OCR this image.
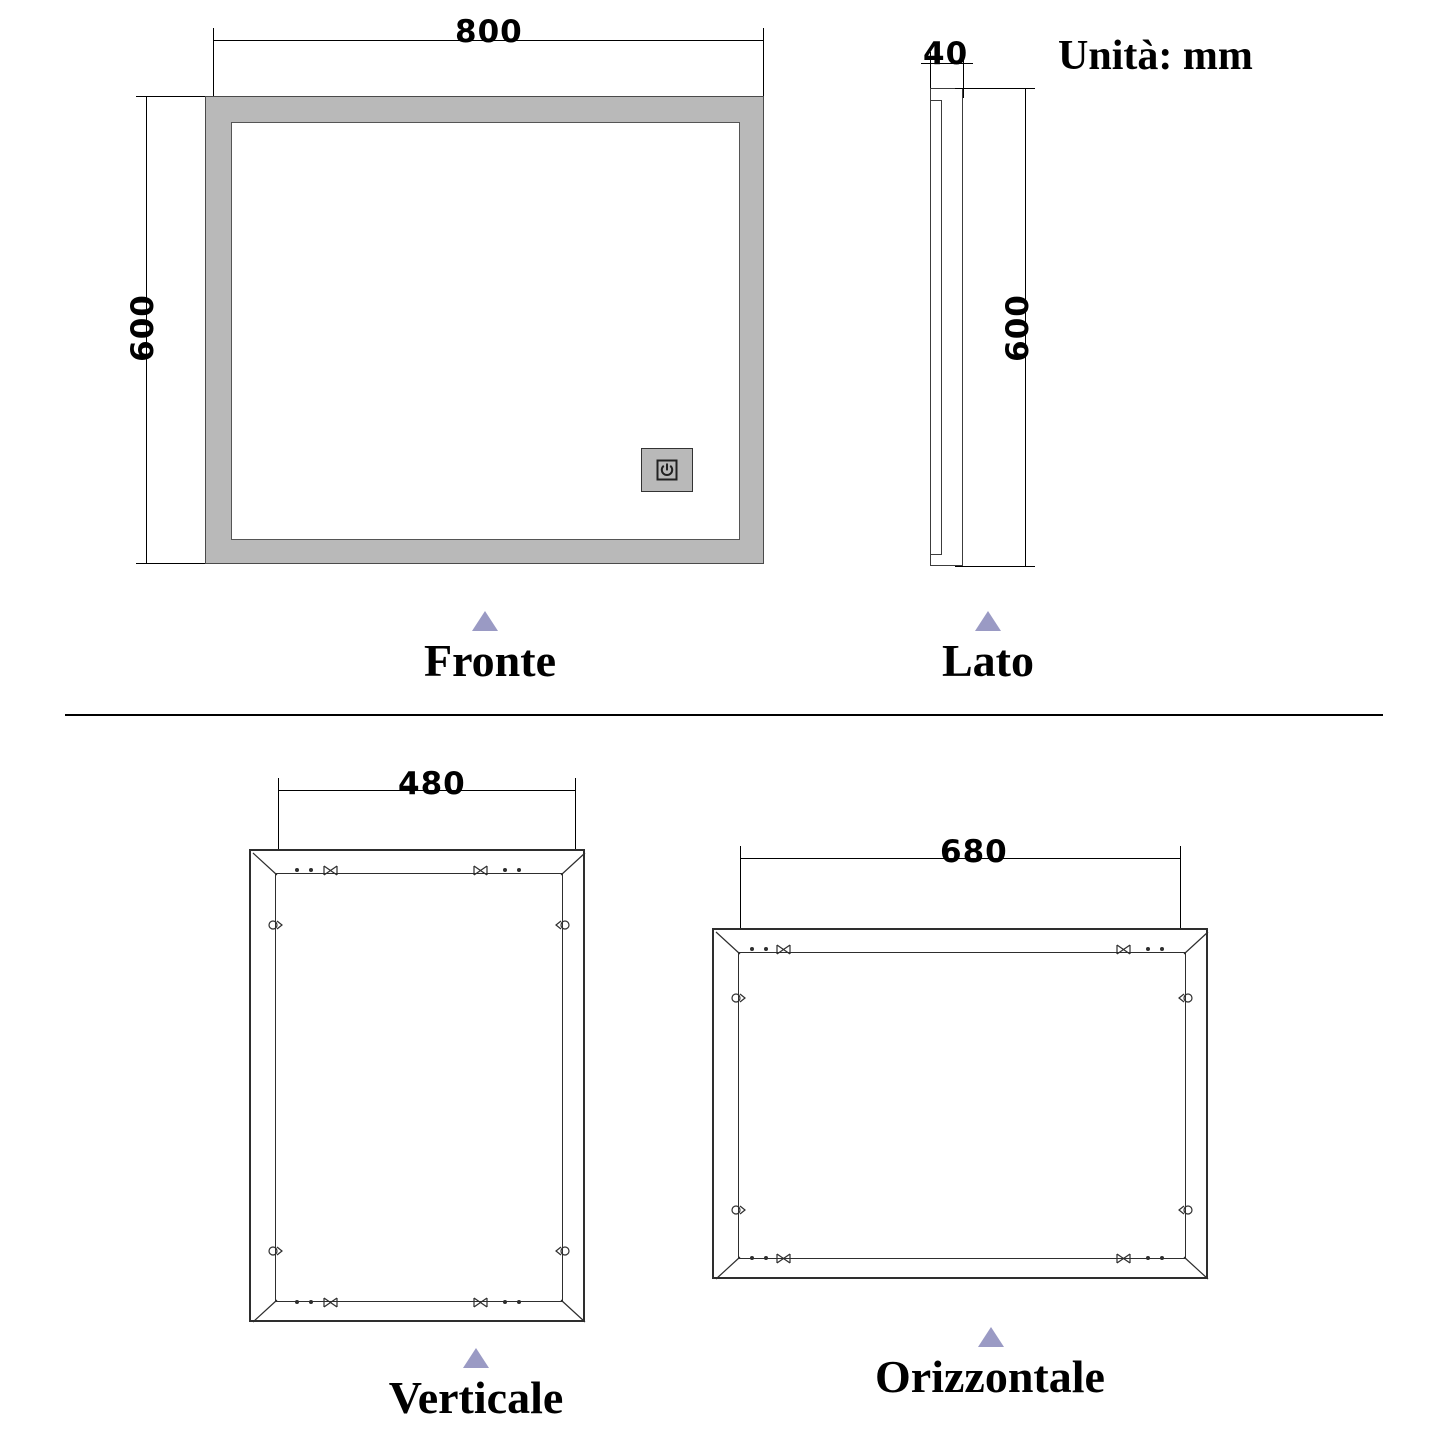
Unità: mm
800
600
Fronte
40
600
Lato
480
Verticale
680
Orizzontale
